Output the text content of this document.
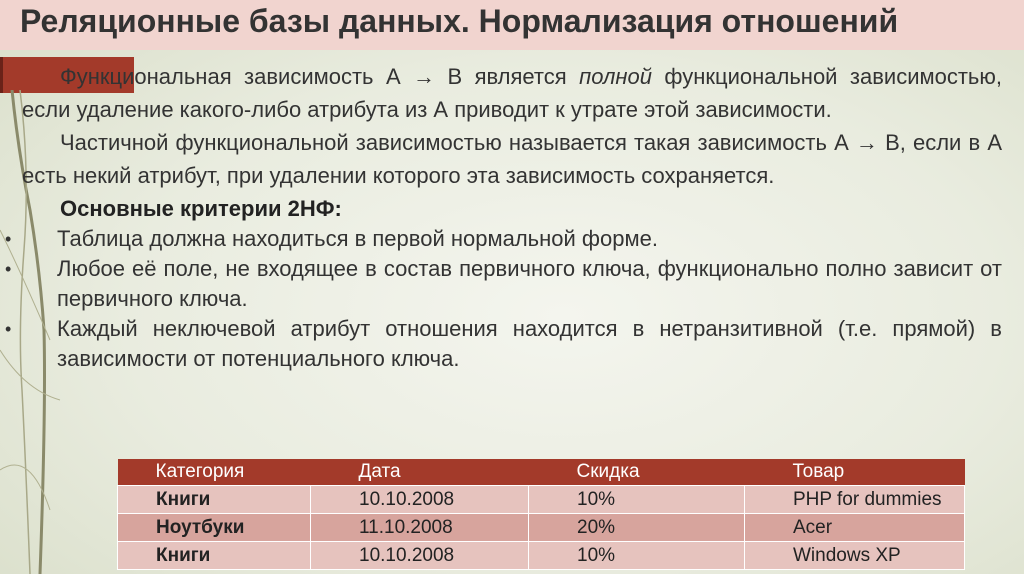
Реляционные базы данных. Нормализация отношений

Функциональная зависимость А → В является полной функциональной зависимостью, если удаление какого-либо атрибута из А приводит к утрате этой зависимости.

Частичной функциональной зависимостью называется такая зависимость А → В, если в А есть некий атрибут, при удалении которого эта зависимость сохраняется.

Основные критерии 2НФ:
• Таблица должна находиться в первой нормальной форме.
• Любое её поле, не входящее в состав первичного ключа, функционально полно зависит от первичного ключа.
• Каждый неключевой атрибут отношения находится в нетранзитивной (т.е. прямой) в зависимости от потенциального ключа.
Категория	Дата	Скидка	Товар
Книги	10.10.2008	10%	PHP for dummies
Ноутбуки	11.10.2008	20%	Acer
Книги	10.10.2008	10%	Windows XP
